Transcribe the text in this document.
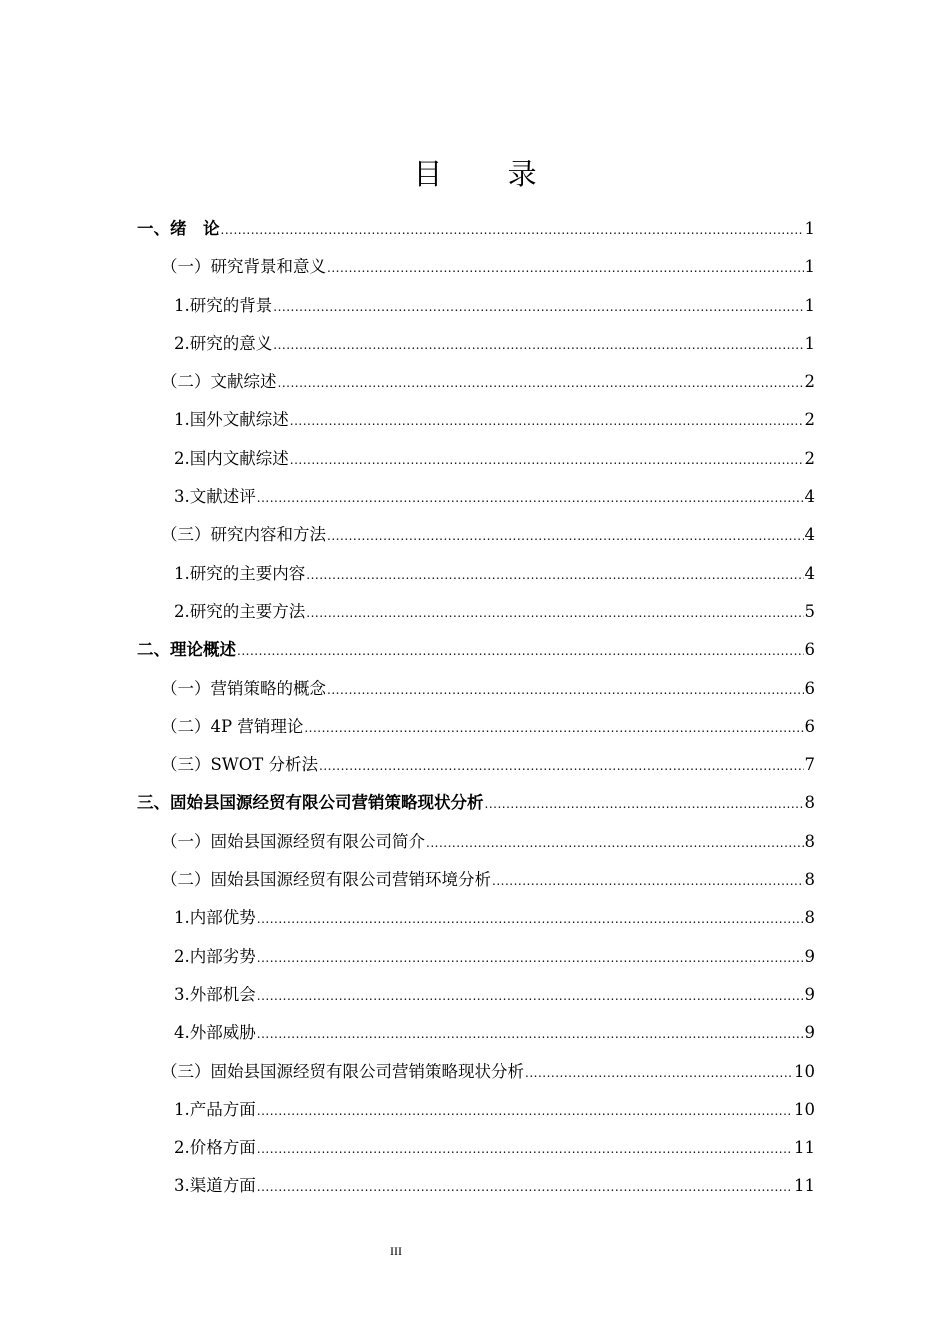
目 录
一、绪　论 .....	1
（一）研究背景和意义 .....	1
1.研究的背景 .....	1
2.研究的意义 .....	1
（二）文献综述 .....	2
1.国外文献综述 .....	2
2.国内文献综述 .....	2
3.文献述评 .....	4
（三）研究内容和方法 .....	4
1.研究的主要内容 .....	4
2.研究的主要方法 .....	5
二、理论概述 .....	6
（一）营销策略的概念 .....	6
（二）4P 营销理论 .....	6
（三）SWOT 分析法 .....	7
三、固始县国源经贸有限公司营销策略现状分析 .....	8
（一）固始县国源经贸有限公司简介 .....	8
（二）固始县国源经贸有限公司营销环境分析 .....	8
1.内部优势 .....	8
2.内部劣势 .....	9
3.外部机会 .....	9
4.外部威胁 .....	9
（三）固始县国源经贸有限公司营销策略现状分析 .....	10
1.产品方面 .....	10
2.价格方面 .....	11
3.渠道方面 .....	11
III
